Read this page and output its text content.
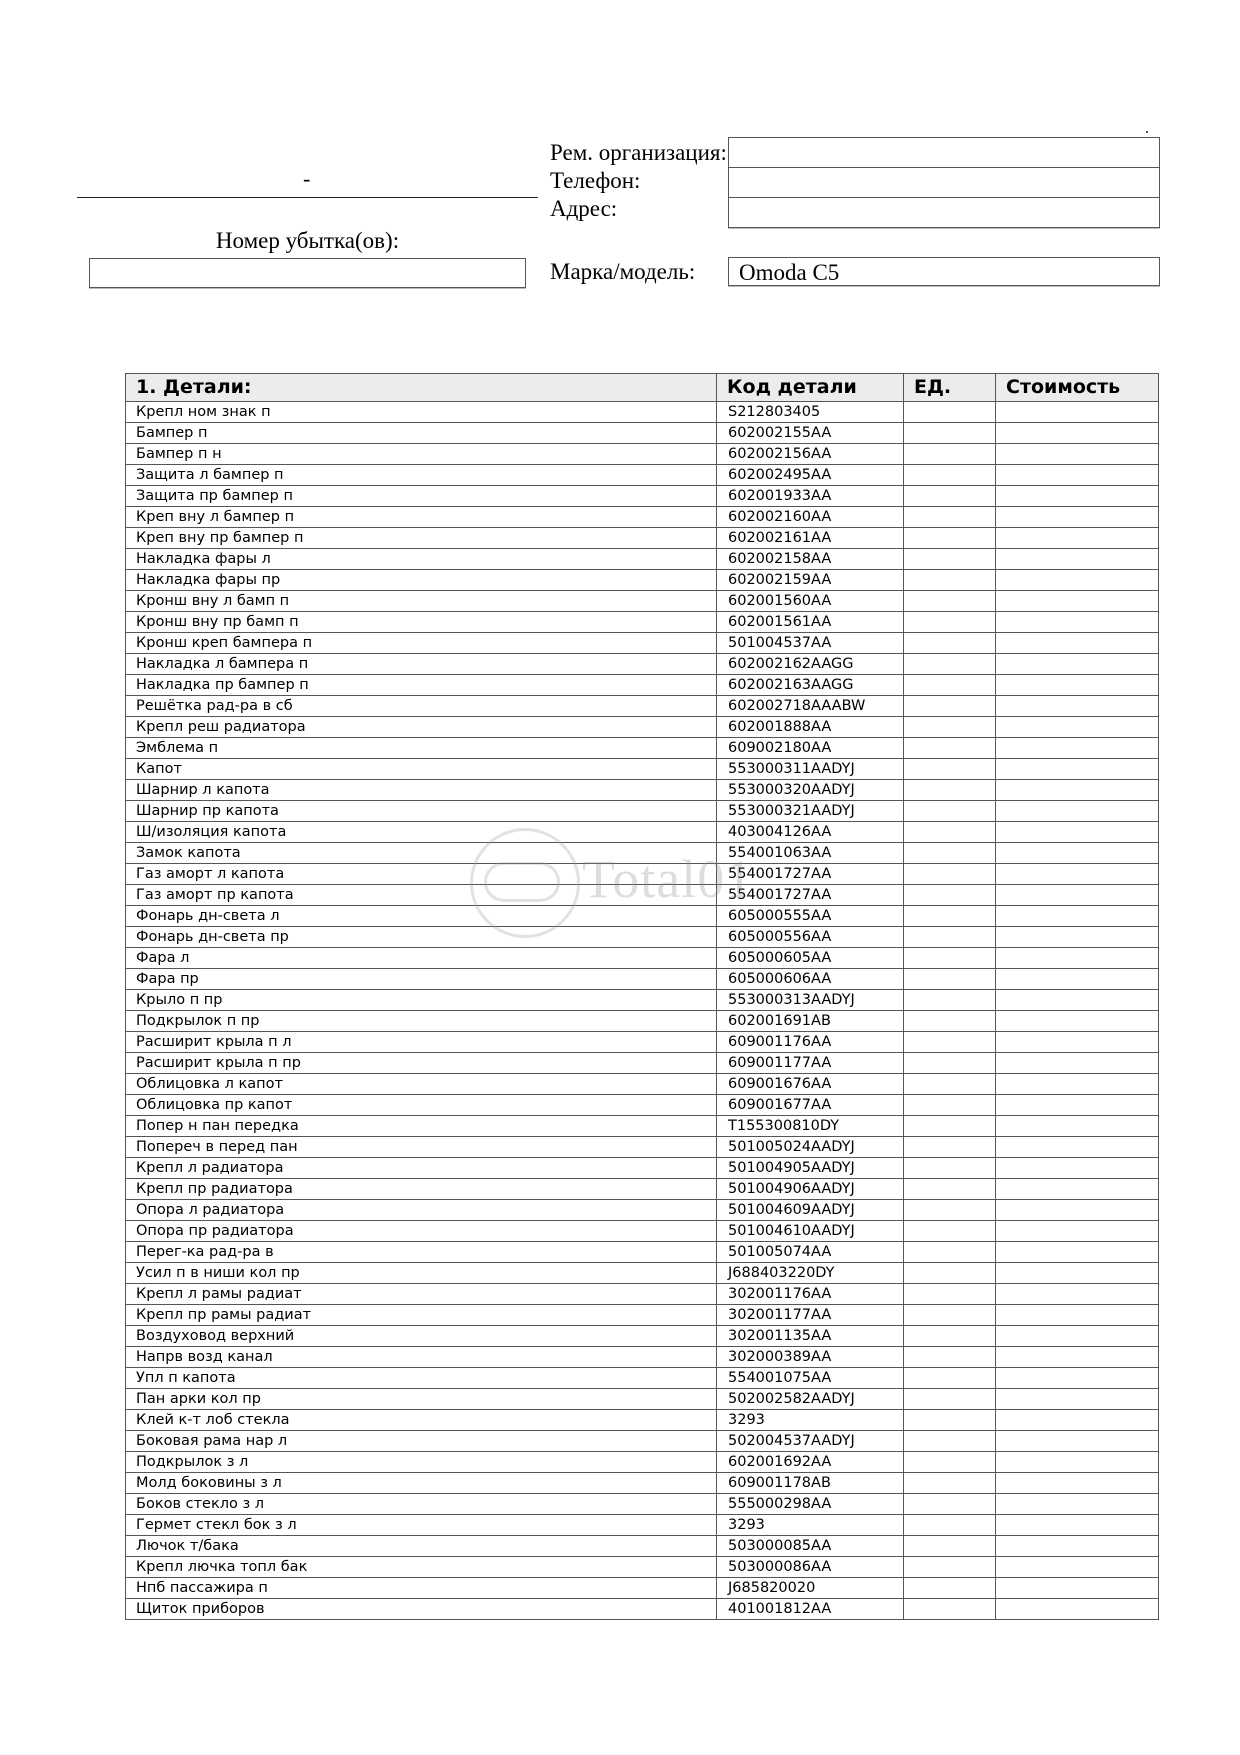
-
Номер убытка(ов):
Рем. организация:
Телефон:
Адрес:
Марка/модель:	Omoda C5
1. Детали:	Код детали	ЕД.	Стоимость
Крепл ном знак п	S212803405		
Бампер п	602002155AA		
Бампер п н	602002156AA		
Защита л бампер п	602002495AA		
Защита пр бампер п	602001933AA		
Креп вну л бампер п	602002160AA		
Креп вну пр бампер п	602002161AA		
Накладка фары л	602002158AA		
Накладка фары пр	602002159AA		
Кронш вну л бамп п	602001560AA		
Кронш вну пр бамп п	602001561AA		
Кронш креп бампера п	501004537AA		
Накладка л бампера п	602002162AAGG		
Накладка пр бампер п	602002163AAGG		
Решётка рад-ра в сб	602002718AAABW		
Крепл реш радиатора	602001888AA		
Эмблема п	609002180AA		
Капот	553000311AADYJ		
Шарнир л капота	553000320AADYJ		
Шарнир пр капота	553000321AADYJ		
Ш/изоляция капота	403004126AA		
Замок капота	554001063AA		
Газ аморт л капота	554001727AA		
Газ аморт пр капота	554001727AA		
Фонарь дн-света л	605000555AA		
Фонарь дн-света пр	605000556AA		
Фара л	605000605AA		
Фара пр	605000606AA		
Крыло п пр	553000313AADYJ		
Подкрылок п пр	602001691AB		
Расширит крыла п л	609001176AA		
Расширит крыла п пр	609001177AA		
Облицовка л капот	609001676AA		
Облицовка пр капот	609001677AA		
Попер н пан передка	T155300810DY		
Попереч в перед пан	501005024AADYJ		
Крепл л радиатора	501004905AADYJ		
Крепл пр радиатора	501004906AADYJ		
Опора л радиатора	501004609AADYJ		
Опора пр радиатора	501004610AADYJ		
Перег-ка рад-ра в	501005074AA		
Усил п в ниши кол пр	J688403220DY		
Крепл л рамы радиат	302001176AA		
Крепл пр рамы радиат	302001177AA		
Воздуховод верхний	302001135AA		
Напрв возд канал	302000389AA		
Упл п капота	554001075AA		
Пан арки кол пр	502002582AADYJ		
Клей к-т лоб стекла	3293		
Боковая рама нар л	502004537AADYJ		
Подкрылок з л	602001692AA		
Молд боковины з л	609001178AB		
Боков стекло з л	555000298AA		
Гермет стекл бок з л	3293		
Лючок т/бака	503000085AA		
Крепл лючка топл бак	503000086AA		
Нпб пассажира п	J685820020		
Щиток приборов	401001812AA		
Total01
